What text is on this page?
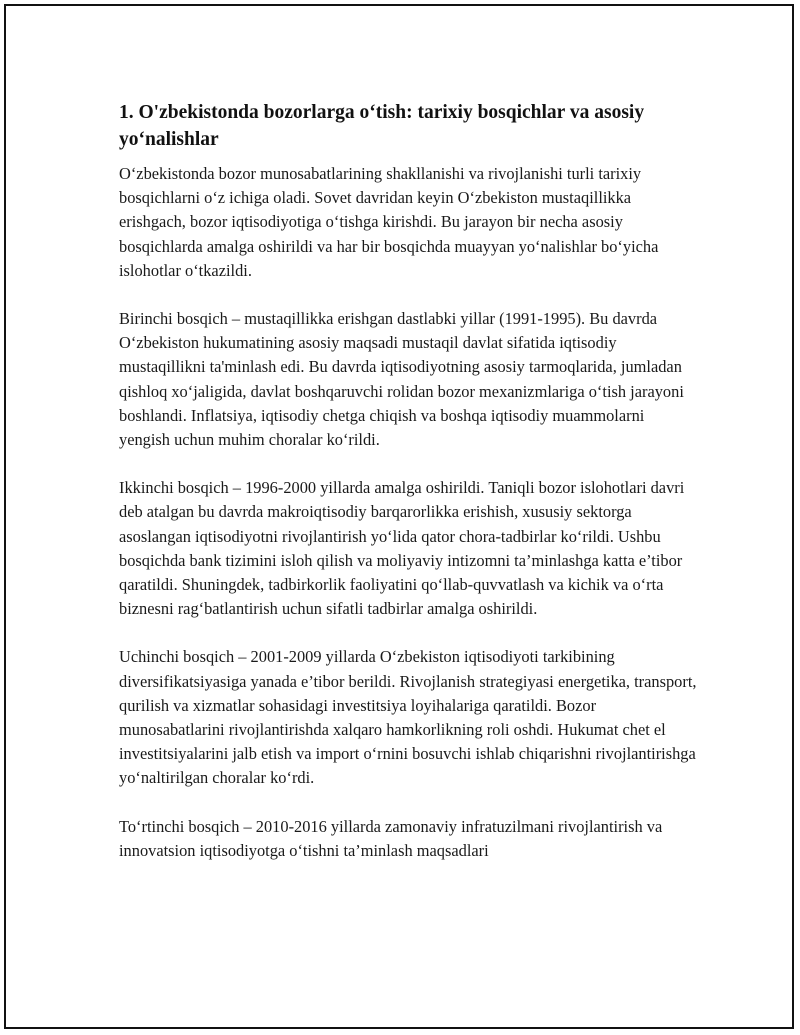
1. O'zbekistonda bozorlarga o‘tish: tarixiy bosqichlar va asosiy yo‘nalishlar

O‘zbekistonda bozor munosabatlarining shakllanishi va rivojlanishi turli tarixiy bosqichlarni o‘z ichiga oladi. Sovet davridan keyin O‘zbekiston mustaqillikka erishgach, bozor iqtisodiyotiga o‘tishga kirishdi. Bu jarayon bir necha asosiy bosqichlarda amalga oshirildi va har bir bosqichda muayyan yo‘nalishlar bo‘yicha islohotlar o‘tkazildi.

Birinchi bosqich – mustaqillikka erishgan dastlabki yillar (1991-1995). Bu davrda O‘zbekiston hukumatining asosiy maqsadi mustaqil davlat sifatida iqtisodiy mustaqillikni ta'minlash edi. Bu davrda iqtisodiyotning asosiy tarmoqlarida, jumladan qishloq xo‘jaligida, davlat boshqaruvchi rolidan bozor mexanizmlariga o‘tish jarayoni boshlandi. Inflatsiya, iqtisodiy chetga chiqish va boshqa iqtisodiy muammolarni yengish uchun muhim choralar ko‘rildi.

Ikkinchi bosqich – 1996-2000 yillarda amalga oshirildi. Taniqli bozor islohotlari davri deb atalgan bu davrda makroiqtisodiy barqarorlikka erishish, xususiy sektorga asoslangan iqtisodiyotni rivojlantirish yo‘lida qator chora-tadbirlar ko‘rildi. Ushbu bosqichda bank tizimini isloh qilish va moliyaviy intizomni ta’minlashga katta e’tibor qaratildi. Shuningdek, tadbirkorlik faoliyatini qo‘llab-quvvatlash va kichik va o‘rta biznesni rag‘batlantirish uchun sifatli tadbirlar amalga oshirildi.

Uchinchi bosqich – 2001-2009 yillarda O‘zbekiston iqtisodiyoti tarkibining diversifikatsiyasiga yanada e’tibor berildi. Rivojlanish strategiyasi energetika, transport, qurilish va xizmatlar sohasidagi investitsiya loyihalariga qaratildi. Bozor munosabatlarini rivojlantirishda xalqaro hamkorlikning roli oshdi. Hukumat chet el investitsiyalarini jalb etish va import o‘rnini bosuvchi ishlab chiqarishni rivojlantirishga yo‘naltirilgan choralar ko‘rdi.

To‘rtinchi bosqich – 2010-2016 yillarda zamonaviy infratuzilmani rivojlantirish va innovatsion iqtisodiyotga o‘tishni ta’minlash maqsadlari
